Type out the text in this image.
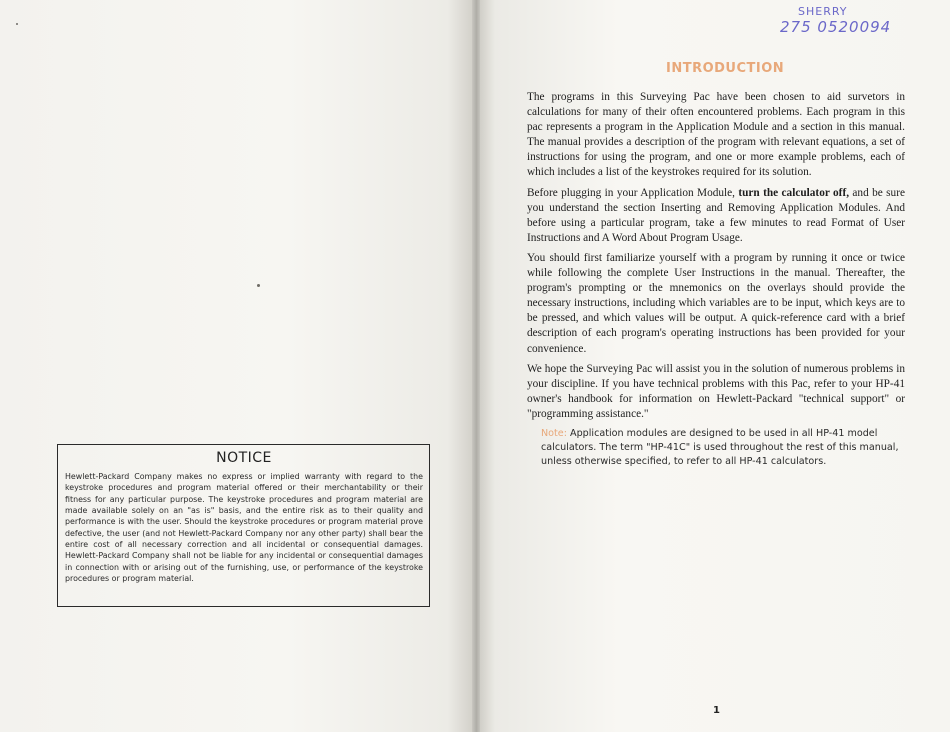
NOTICE

Hewlett-Packard Company makes no express or implied warranty with regard to the keystroke procedures and program material offered or their merchantability or their fitness for any particular purpose. The keystroke procedures and program material are made available solely on an "as is" basis, and the entire risk as to their quality and performance is with the user. Should the keystroke procedures or program material prove defective, the user (and not Hewlett-Packard Company nor any other party) shall bear the entire cost of all necessary correction and all incidental or consequential damages. Hewlett-Packard Company shall not be liable for any incidental or consequential damages in connection with or arising out of the furnishing, use, or performance of the keystroke procedures or program material.

SHERRY
275 0520094
INTRODUCTION

The programs in this Surveying Pac have been chosen to aid survetors in calculations for many of their often encountered problems. Each program in this pac represents a program in the Application Module and a section in this manual. The manual provides a description of the program with relevant equations, a set of instructions for using the program, and one or more example problems, each of which includes a list of the keystrokes required for its solution.

Before plugging in your Application Module, turn the calculator off, and be sure you understand the section Inserting and Removing Application Modules. And before using a particular program, take a few minutes to read Format of User Instructions and A Word About Program Usage.

You should first familiarize yourself with a program by running it once or twice while following the complete User Instructions in the manual. Thereafter, the program's prompting or the mnemonics on the overlays should provide the necessary instructions, including which variables are to be input, which keys are to be pressed, and which values will be output. A quick-reference card with a brief description of each program's operating instructions has been provided for your convenience.

We hope the Surveying Pac will assist you in the solution of numerous problems in your discipline. If you have technical problems with this Pac, refer to your HP-41 owner's handbook for information on Hewlett-Packard "technical support" or "programming assistance."

Note: Application modules are designed to be used in all HP-41 model calculators. The term "HP-41C" is used throughout the rest of this manual, unless otherwise specified, to refer to all HP-41 calculators.

1
